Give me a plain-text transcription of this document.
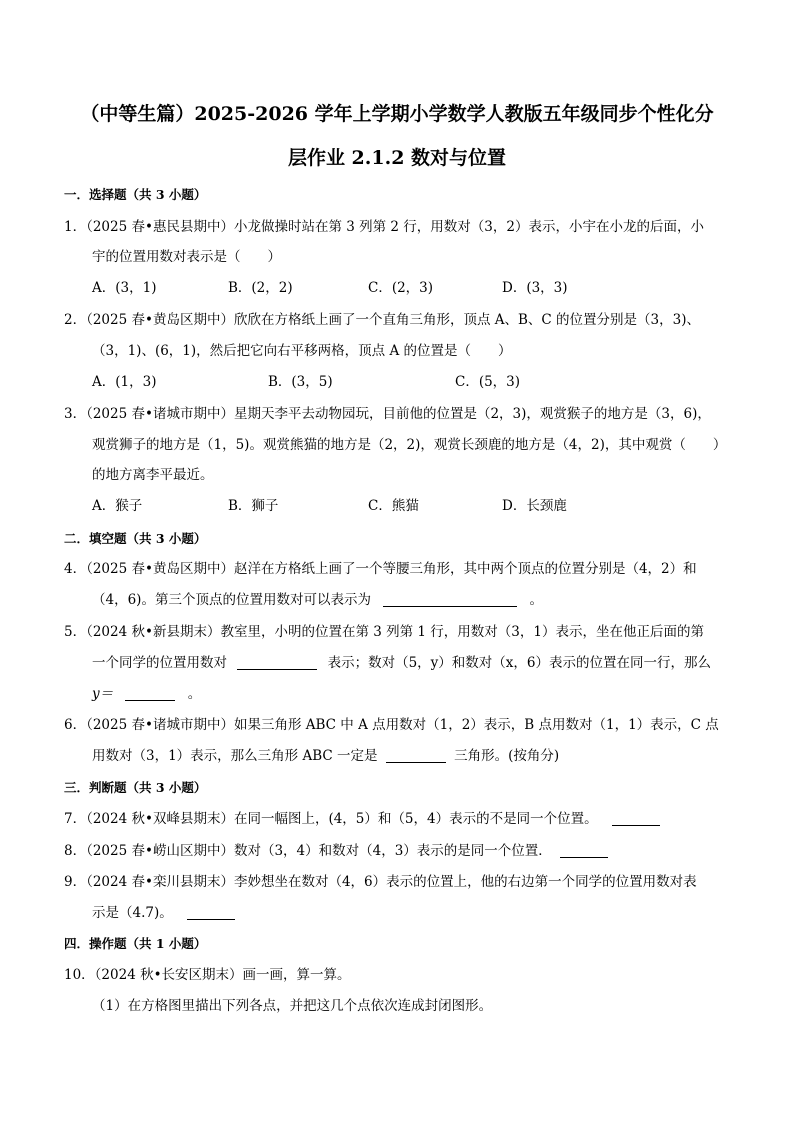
（中等生篇）2025-2026 学年上学期小学数学人教版五年级同步个性化分
层作业 2.1.2 数对与位置
一．选择题（共 3 小题）
1．（2025 春•惠民县期中）小龙做操时站在第 3 列第 2 行，用数对（3，2）表示，小宇在小龙的后面，小
宇的位置用数对表示是（　　）
A．(3，1)	B．(2，2)	C．(2，3)	D．(3，3)
2．（2025 春•黄岛区期中）欣欣在方格纸上画了一个直角三角形，顶点 A、B、C 的位置分别是（3，3)、
（3，1)、(6，1)，然后把它向右平移两格，顶点 A 的位置是（　　）
A．(1，3)	B．(3，5)	C．(5，3)
3．（2025 春•诸城市期中）星期天李平去动物园玩，目前他的位置是（2，3)，观赏猴子的地方是（3，6)，
观赏狮子的地方是（1，5)。观赏熊猫的地方是（2，2)，观赏长颈鹿的地方是（4，2)，其中观赏（　　）
的地方离李平最近。
A．猴子	B．狮子	C．熊猫	D．长颈鹿
二．填空题（共 3 小题）
4．（2025 春•黄岛区期中）赵洋在方格纸上画了一个等腰三角形，其中两个顶点的位置分别是（4，2）和
（4，6)。第三个顶点的位置用数对可以表示为	。
5．（2024 秋•新县期末）教室里，小明的位置在第 3 列第 1 行，用数对（3，1）表示，坐在他正后面的第
一个同学的位置用数对	表示；数对（5，y）和数对（x，6）表示的位置在同一行，那么
y＝	。
6．（2025 春•诸城市期中）如果三角形 ABC 中 A 点用数对（1，2）表示，B 点用数对（1，1）表示，C 点
用数对（3，1）表示，那么三角形 ABC 一定是	三角形。(按角分)
三．判断题（共 3 小题）
7．（2024 秋•双峰县期末）在同一幅图上，(4，5）和（5，4）表示的不是同一个位置。
8．（2025 春•崂山区期中）数对（3，4）和数对（4，3）表示的是同一个位置．
9．（2024 春•栾川县期末）李妙想坐在数对（4，6）表示的位置上，他的右边第一个同学的位置用数对表
示是（4.7)。
四．操作题（共 1 小题）
10．（2024 秋•长安区期末）画一画，算一算。
（1）在方格图里描出下列各点，并把这几个点依次连成封闭图形。
